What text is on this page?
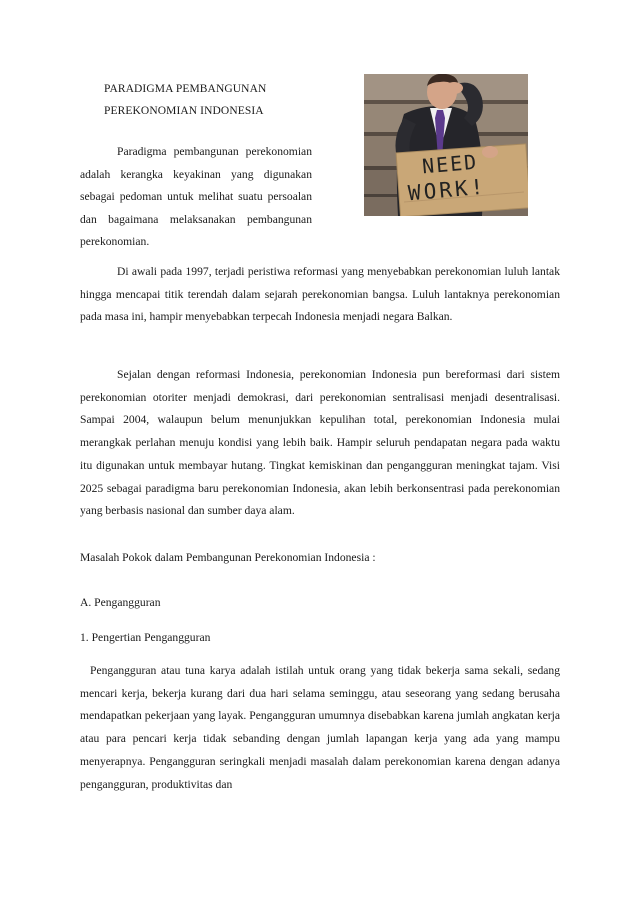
PARADIGMA PEMBANGUNAN
PEREKONOMIAN INDONESIA
Paradigma pembangunan perekonomian adalah kerangka keyakinan yang digunakan sebagai pedoman untuk melihat suatu persoalan dan bagaimana melaksanakan pembangunan perekonomian.
NEED
WORK!

Di awali pada 1997, terjadi peristiwa reformasi yang menyebabkan perekonomian luluh lantak hingga mencapai titik terendah dalam sejarah perekonomian bangsa. Luluh lantaknya perekonomian pada masa ini, hampir menyebabkan terpecah Indonesia menjadi negara Balkan.

Sejalan dengan reformasi Indonesia, perekonomian Indonesia pun bereformasi dari sistem perekonomian otoriter menjadi demokrasi, dari perekonomian sentralisasi menjadi desentralisasi. Sampai 2004, walaupun belum menunjukkan kepulihan total, perekonomian Indonesia mulai merangkak perlahan menuju kondisi yang lebih baik. Hampir seluruh pendapatan negara pada waktu itu digunakan untuk membayar hutang. Tingkat kemiskinan dan pengangguran meningkat tajam. Visi 2025 sebagai paradigma baru perekonomian Indonesia, akan lebih berkonsentrasi pada perekonomian yang berbasis nasional dan sumber daya alam.

Masalah Pokok dalam Pembangunan Perekonomian Indonesia :

A. Pengangguran

1. Pengertian Pengangguran

Pengangguran atau tuna karya adalah istilah untuk orang yang tidak bekerja sama sekali, sedang mencari kerja, bekerja kurang dari dua hari selama seminggu, atau seseorang yang sedang berusaha mendapatkan pekerjaan yang layak. Pengangguran umumnya disebabkan karena jumlah angkatan kerja atau para pencari kerja tidak sebanding dengan jumlah lapangan kerja yang ada yang mampu menyerapnya. Pengangguran seringkali menjadi masalah dalam perekonomian karena dengan adanya pengangguran, produktivitas dan
